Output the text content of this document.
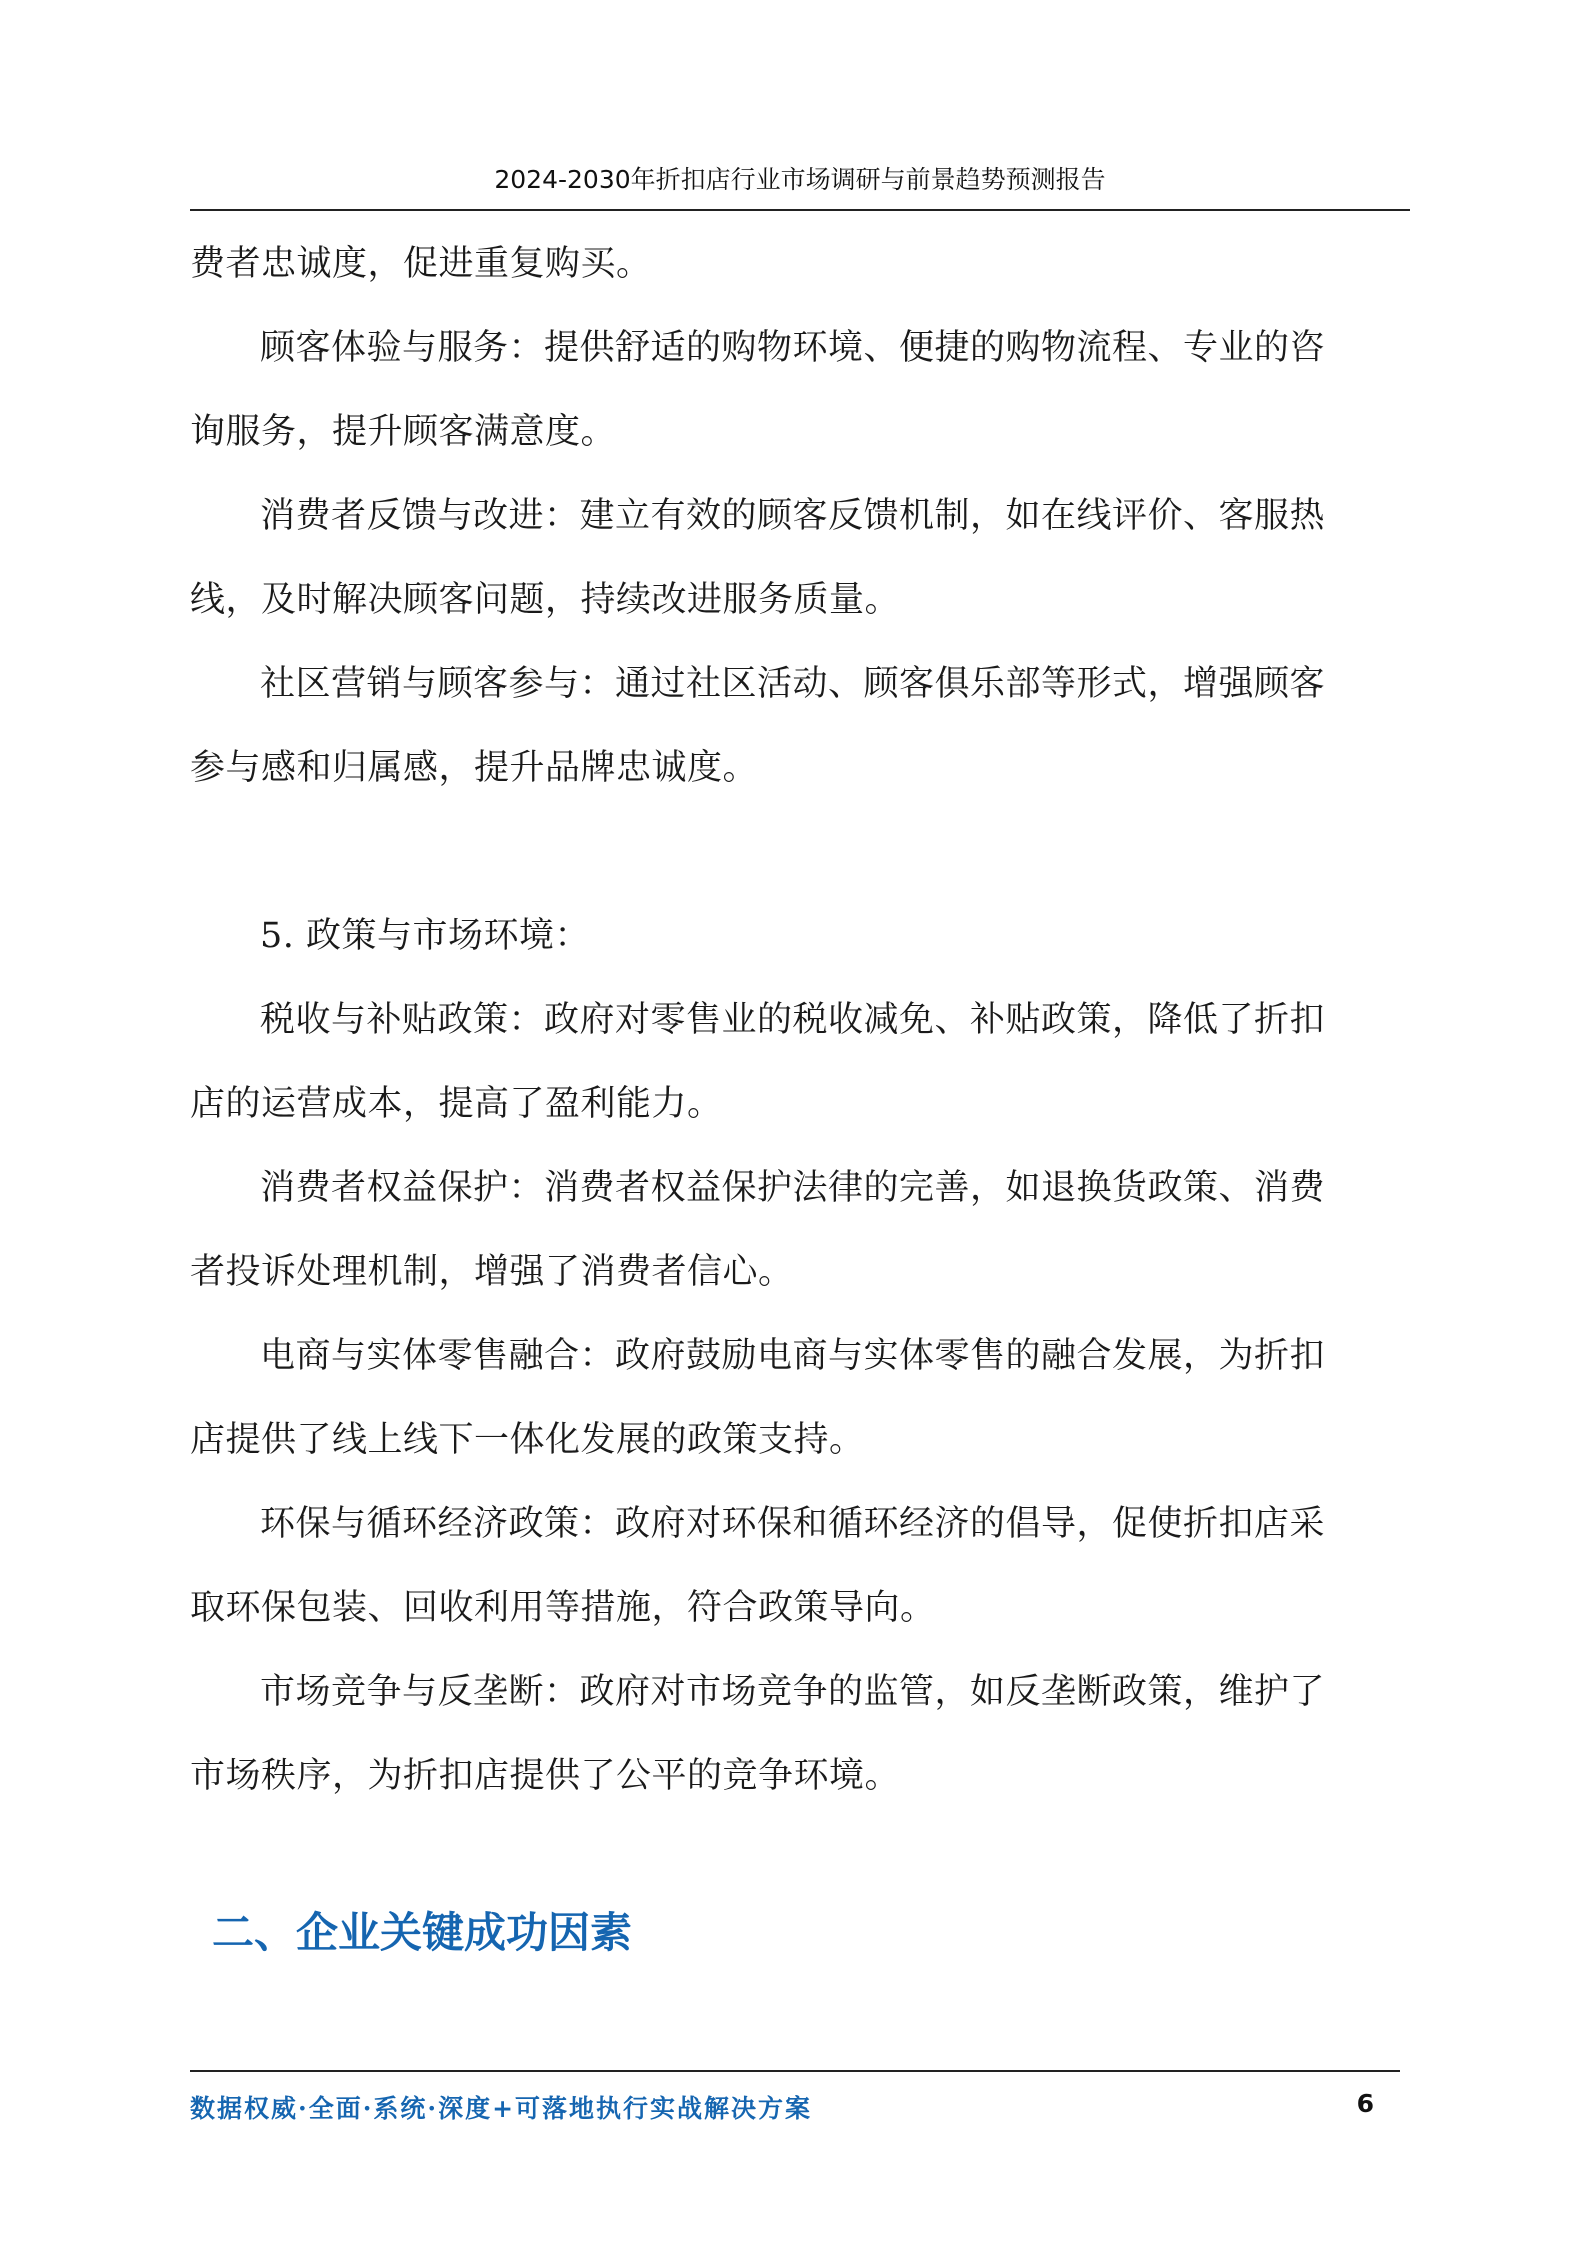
2024-2030年折扣店行业市场调研与前景趋势预测报告

费者忠诚度，促进重复购买。

顾客体验与服务：提供舒适的购物环境、便捷的购物流程、专业的咨

询服务，提升顾客满意度。

消费者反馈与改进：建立有效的顾客反馈机制，如在线评价、客服热

线，及时解决顾客问题，持续改进服务质量。

社区营销与顾客参与：通过社区活动、顾客俱乐部等形式，增强顾客

参与感和归属感，提升品牌忠诚度。

5. 政策与市场环境：

税收与补贴政策：政府对零售业的税收减免、补贴政策，降低了折扣

店的运营成本，提高了盈利能力。

消费者权益保护：消费者权益保护法律的完善，如退换货政策、消费

者投诉处理机制，增强了消费者信心。

电商与实体零售融合：政府鼓励电商与实体零售的融合发展，为折扣

店提供了线上线下一体化发展的政策支持。

环保与循环经济政策：政府对环保和循环经济的倡导，促使折扣店采

取环保包装、回收利用等措施，符合政策导向。

市场竞争与反垄断：政府对市场竞争的监管，如反垄断政策，维护了

市场秩序，为折扣店提供了公平的竞争环境。

二、企业关键成功因素
数据权威·全面·系统·深度+可落地执行实战解决方案	6
